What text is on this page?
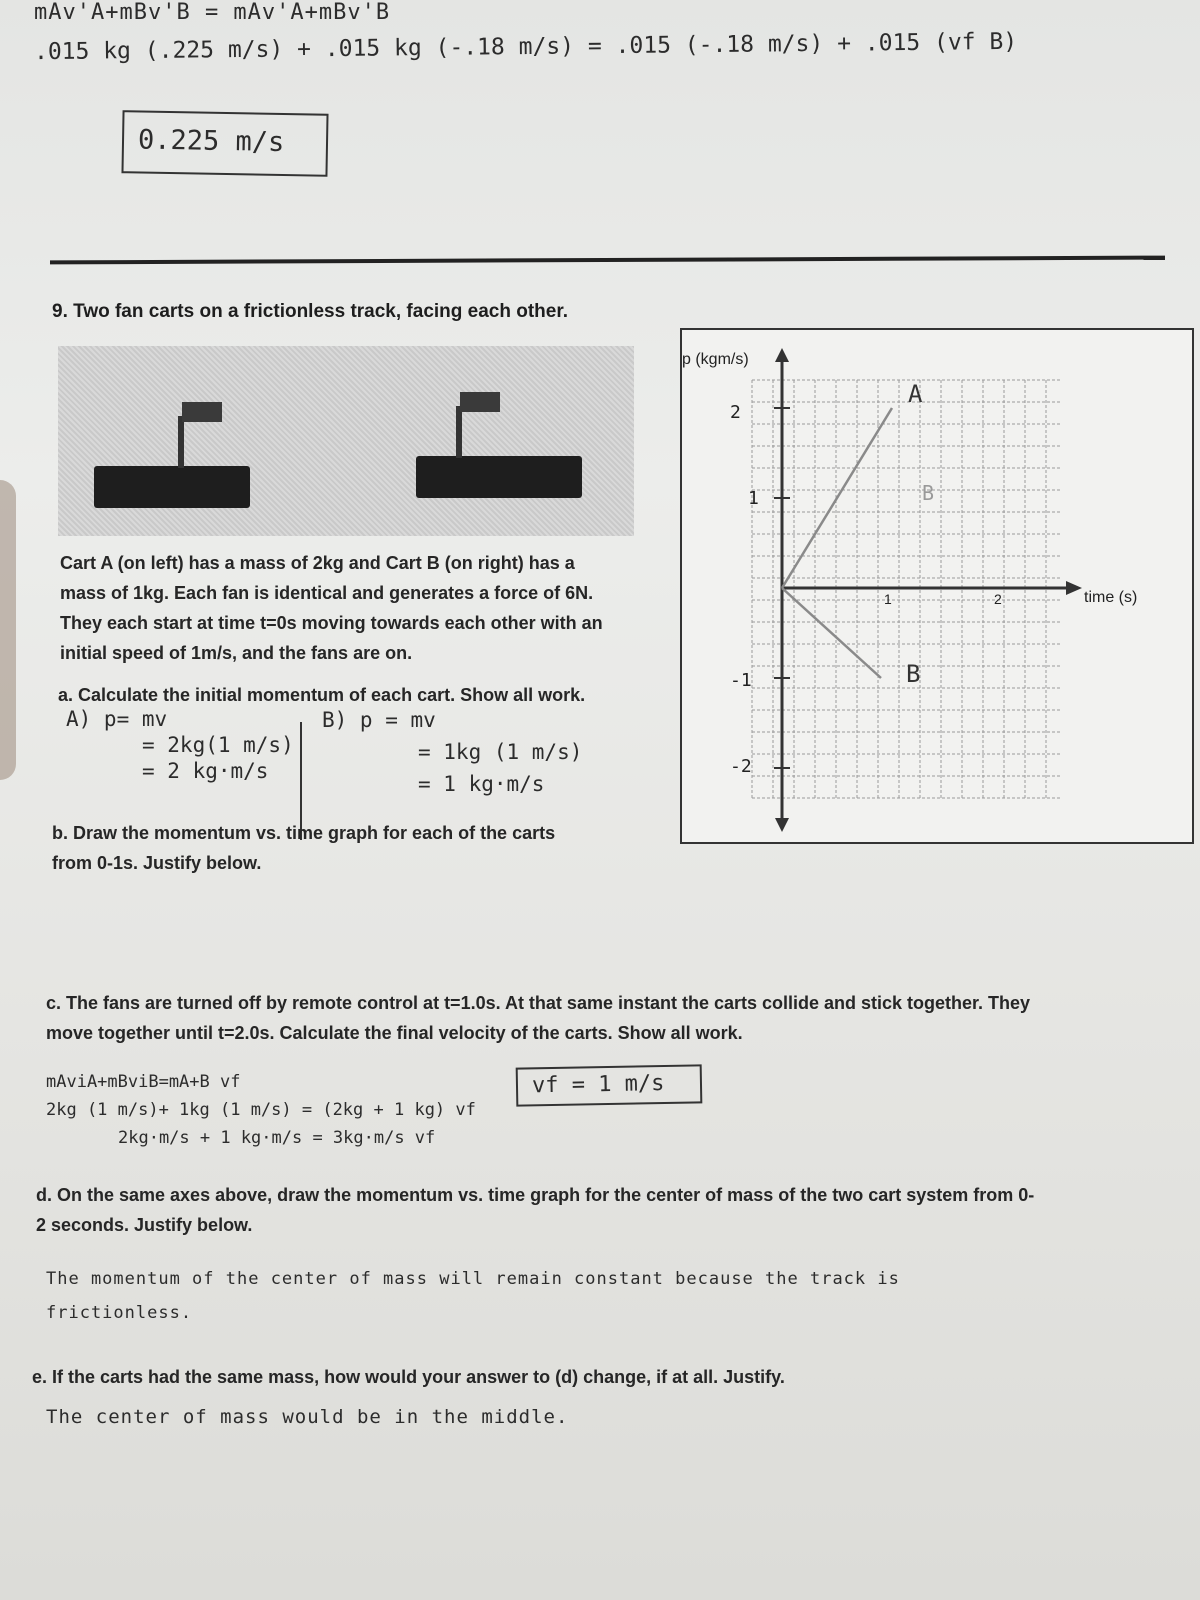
mAv'A+mBv'B = mAv'A+mBv'B
.015 kg (.225 m/s) + .015 kg (-.18 m/s) = .015 (-.18 m/s) + .015 (vf B)
0.225 m/s
9. Two fan carts on a frictionless track, facing each other.
Cart A (on left) has a mass of 2kg and Cart B (on right) has a
mass of 1kg. Each fan is identical and generates a force of 6N.
They each start at time t=0s moving towards each other with an
initial speed of 1m/s, and the fans are on.
a. Calculate the initial momentum of each cart. Show all work.
A) p= mv
= 2kg(1 m/s)
= 2 kg·m/s
B) p = mv
= 1kg (1 m/s)
= 1 kg·m/s
b. Draw the momentum vs. time graph for each of the carts
from 0-1s. Justify below.
p (kgm/s)
time (s)
2
1
-1
-2
1	2
A
B
B
c. The fans are turned off by remote control at t=1.0s. At that same instant the carts collide and stick together. They
move together until t=2.0s. Calculate the final velocity of the carts. Show all work.
mAviA+mBviB=mA+B vf
2kg (1 m/s)+ 1kg (1 m/s) = (2kg + 1 kg) vf
2kg·m/s + 1 kg·m/s = 3kg·m/s vf
vf = 1 m/s
d. On the same axes above, draw the momentum vs. time graph for the center of mass of the two cart system from 0-
2 seconds. Justify below.
The momentum of the center of mass will remain constant because the track is
frictionless.
e. If the carts had the same mass, how would your answer to (d) change, if at all. Justify.
The center of mass would be in the middle.
